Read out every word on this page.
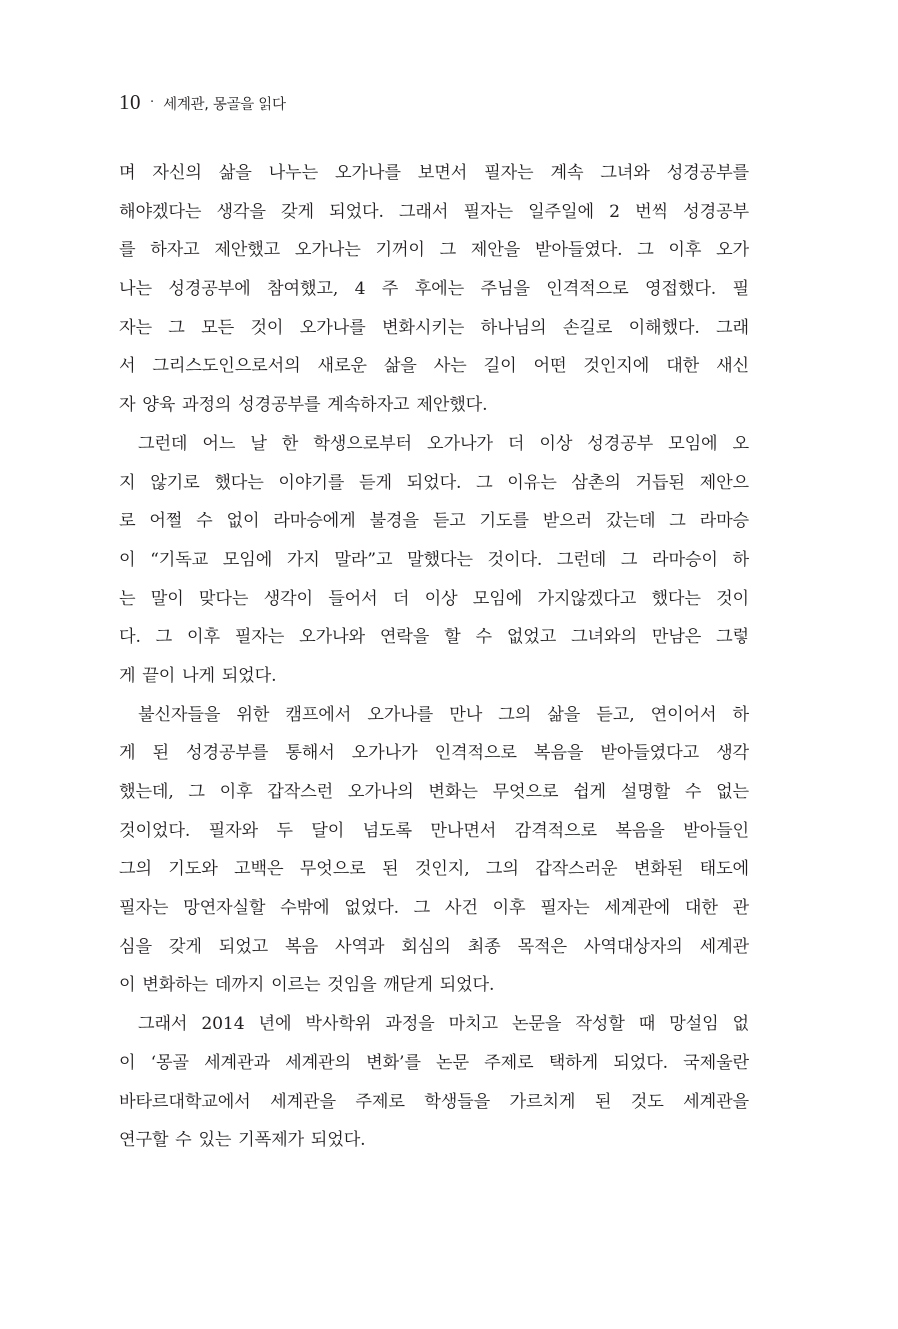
10 · 세계관, 몽골을 읽다
며 자신의 삶을 나누는 오가나를 보면서 필자는 계속 그녀와 성경공부를
해야겠다는 생각을 갖게 되었다. 그래서 필자는 일주일에 2 번씩 성경공부
를 하자고 제안했고 오가나는 기꺼이 그 제안을 받아들였다. 그 이후 오가
나는 성경공부에 참여했고, 4 주 후에는 주님을 인격적으로 영접했다. 필
자는 그 모든 것이 오가나를 변화시키는 하나님의 손길로 이해했다. 그래
서 그리스도인으로서의 새로운 삶을 사는 길이 어떤 것인지에 대한 새신
자 양육 과정의 성경공부를 계속하자고 제안했다.
그런데 어느 날 한 학생으로부터 오가나가 더 이상 성경공부 모임에 오
지 않기로 했다는 이야기를 듣게 되었다. 그 이유는 삼촌의 거듭된 제안으
로 어쩔 수 없이 라마승에게 불경을 듣고 기도를 받으러 갔는데 그 라마승
이 “기독교 모임에 가지 말라”고 말했다는 것이다. 그런데 그 라마승이 하
는 말이 맞다는 생각이 들어서 더 이상 모임에 가지않겠다고 했다는 것이
다. 그 이후 필자는 오가나와 연락을 할 수 없었고 그녀와의 만남은 그렇
게 끝이 나게 되었다.
불신자들을 위한 캠프에서 오가나를 만나 그의 삶을 듣고, 연이어서 하
게 된 성경공부를 통해서 오가나가 인격적으로 복음을 받아들였다고 생각
했는데, 그 이후 갑작스런 오가나의 변화는 무엇으로 쉽게 설명할 수 없는
것이었다. 필자와 두 달이 넘도록 만나면서 감격적으로 복음을 받아들인
그의 기도와 고백은 무엇으로 된 것인지, 그의 갑작스러운 변화된 태도에
필자는 망연자실할 수밖에 없었다. 그 사건 이후 필자는 세계관에 대한 관
심을 갖게 되었고 복음 사역과 회심의 최종 목적은 사역대상자의 세계관
이 변화하는 데까지 이르는 것임을 깨닫게 되었다.
그래서 2014 년에 박사학위 과정을 마치고 논문을 작성할 때 망설임 없
이 ‘몽골 세계관과 세계관의 변화’를 논문 주제로 택하게 되었다. 국제울란
바타르대학교에서 세계관을 주제로 학생들을 가르치게 된 것도 세계관을
연구할 수 있는 기폭제가 되었다.
